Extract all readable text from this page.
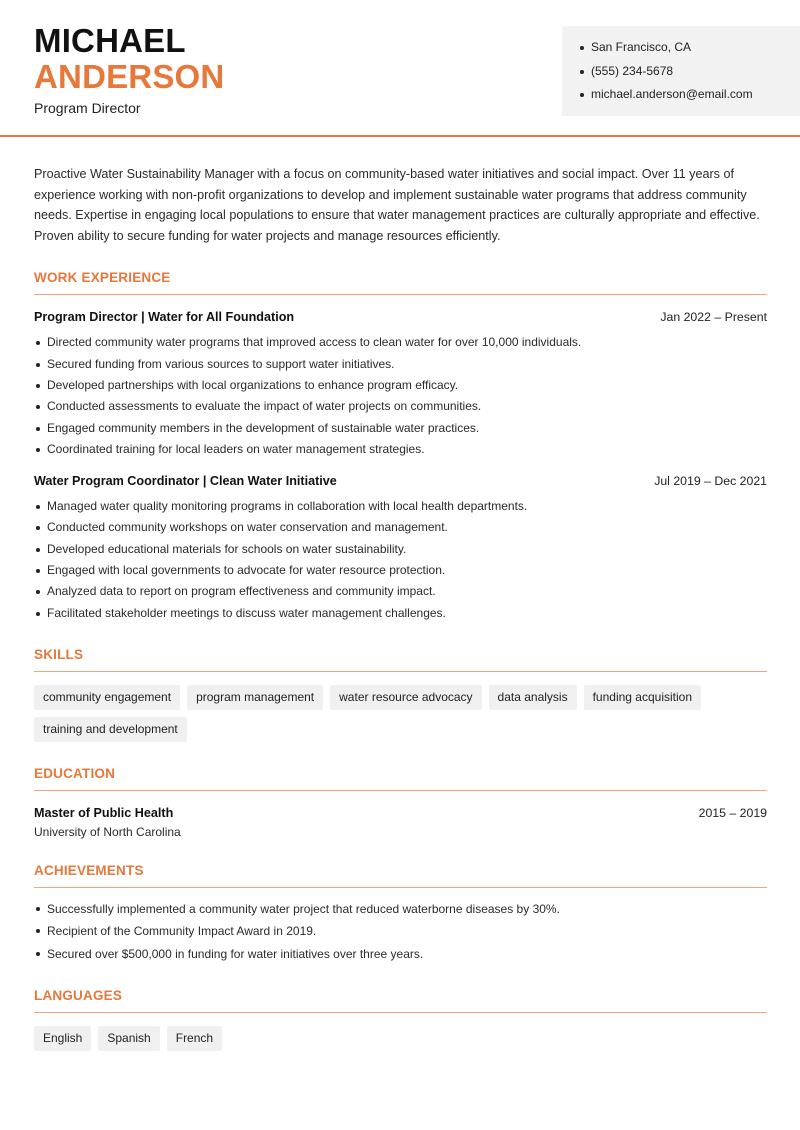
MICHAEL
ANDERSON
Program Director
San Francisco, CA
(555) 234-5678
michael.anderson@email.com

Proactive Water Sustainability Manager with a focus on community-based water initiatives and social impact. Over 11 years of experience working with non-profit organizations to develop and implement sustainable water programs that address community needs. Expertise in engaging local populations to ensure that water management practices are culturally appropriate and effective. Proven ability to secure funding for water projects and manage resources efficiently.

WORK EXPERIENCE
Program Director | Water for All Foundation	Jan 2022 – Present
Directed community water programs that improved access to clean water for over 10,000 individuals.
Secured funding from various sources to support water initiatives.
Developed partnerships with local organizations to enhance program efficacy.
Conducted assessments to evaluate the impact of water projects on communities.
Engaged community members in the development of sustainable water practices.
Coordinated training for local leaders on water management strategies.
Water Program Coordinator | Clean Water Initiative	Jul 2019 – Dec 2021
Managed water quality monitoring programs in collaboration with local health departments.
Conducted community workshops on water conservation and management.
Developed educational materials for schools on water sustainability.
Engaged with local governments to advocate for water resource protection.
Analyzed data to report on program effectiveness and community impact.
Facilitated stakeholder meetings to discuss water management challenges.
SKILLS
community engagement	program management	water resource advocacy	data analysis	funding acquisition
training and development
EDUCATION
Master of Public Health	2015 – 2019
University of North Carolina
ACHIEVEMENTS
Successfully implemented a community water project that reduced waterborne diseases by 30%.
Recipient of the Community Impact Award in 2019.
Secured over $500,000 in funding for water initiatives over three years.
LANGUAGES
English	Spanish	French
